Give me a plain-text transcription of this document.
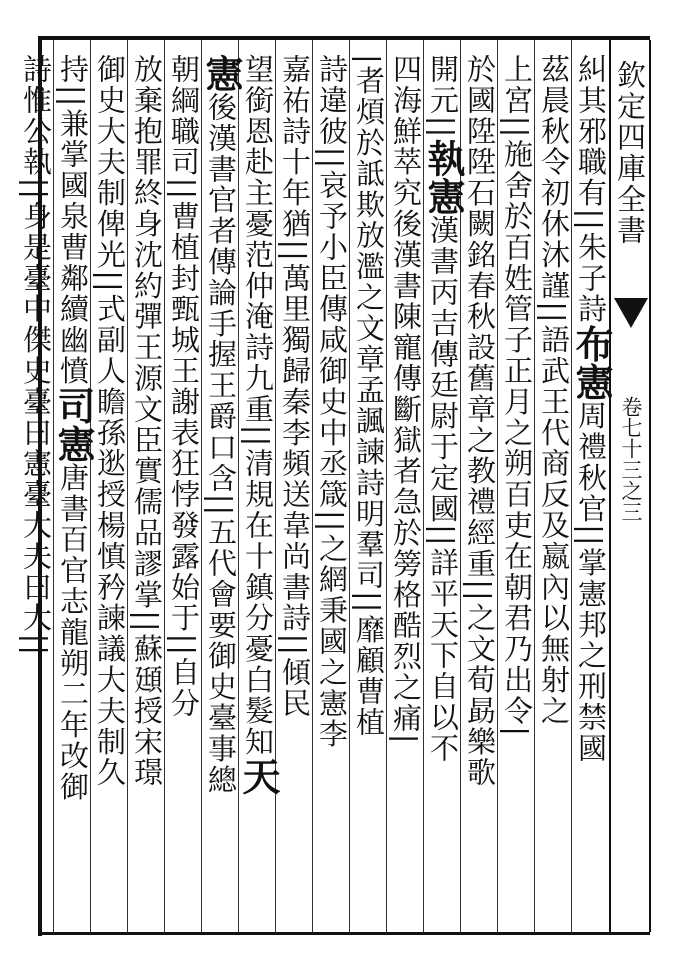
欽定四庫全書
卷七十三之三
糾其邪職有||朱子詩布憲周禮秋官||掌憲邦之刑禁國
茲晨秋令初休沐謹||語武王代商反及嬴內以無射之
上宮||施舍於百姓管子正月之朔百吏在朝君乃出令|
於國陞陞石闕銘春秋設舊章之教禮經重||之文荀勗樂歌
開元||執憲漢書丙吉傳廷尉于定國||詳平天下自以不
四海鮮萃究後漢書陳寵傳斷獄者急於篣格酷烈之痛|
|者煩於詆欺放濫之文章孟諷諫詩明羣司||靡顧曹植
詩違彼||哀予小臣傳咸御史中丞箴||之網秉國之憲李
嘉祐詩十年猶||萬里獨歸秦李頻送韋尚書詩||傾民
望銜恩赴主憂范仲淹詩九重||清規在十鎮分憂白髮知天
憲後漢書官者傳論手握王爵口含||五代會要御史臺事總
朝綱職司||曹植封甄城王謝表狂悖發露始于||自分
放棄抱罪終身沈約彈王源文臣實儒品謬掌||蘇頲授宋璟
御史大夫制俾光||式副人瞻孫逖授楊慎矜諫議大夫制久
持||兼掌國泉曹鄰續幽憤司憲唐書百官志龍朔二年改御
詩惟公執||身是臺中傑史臺曰憲臺大夫曰大||
